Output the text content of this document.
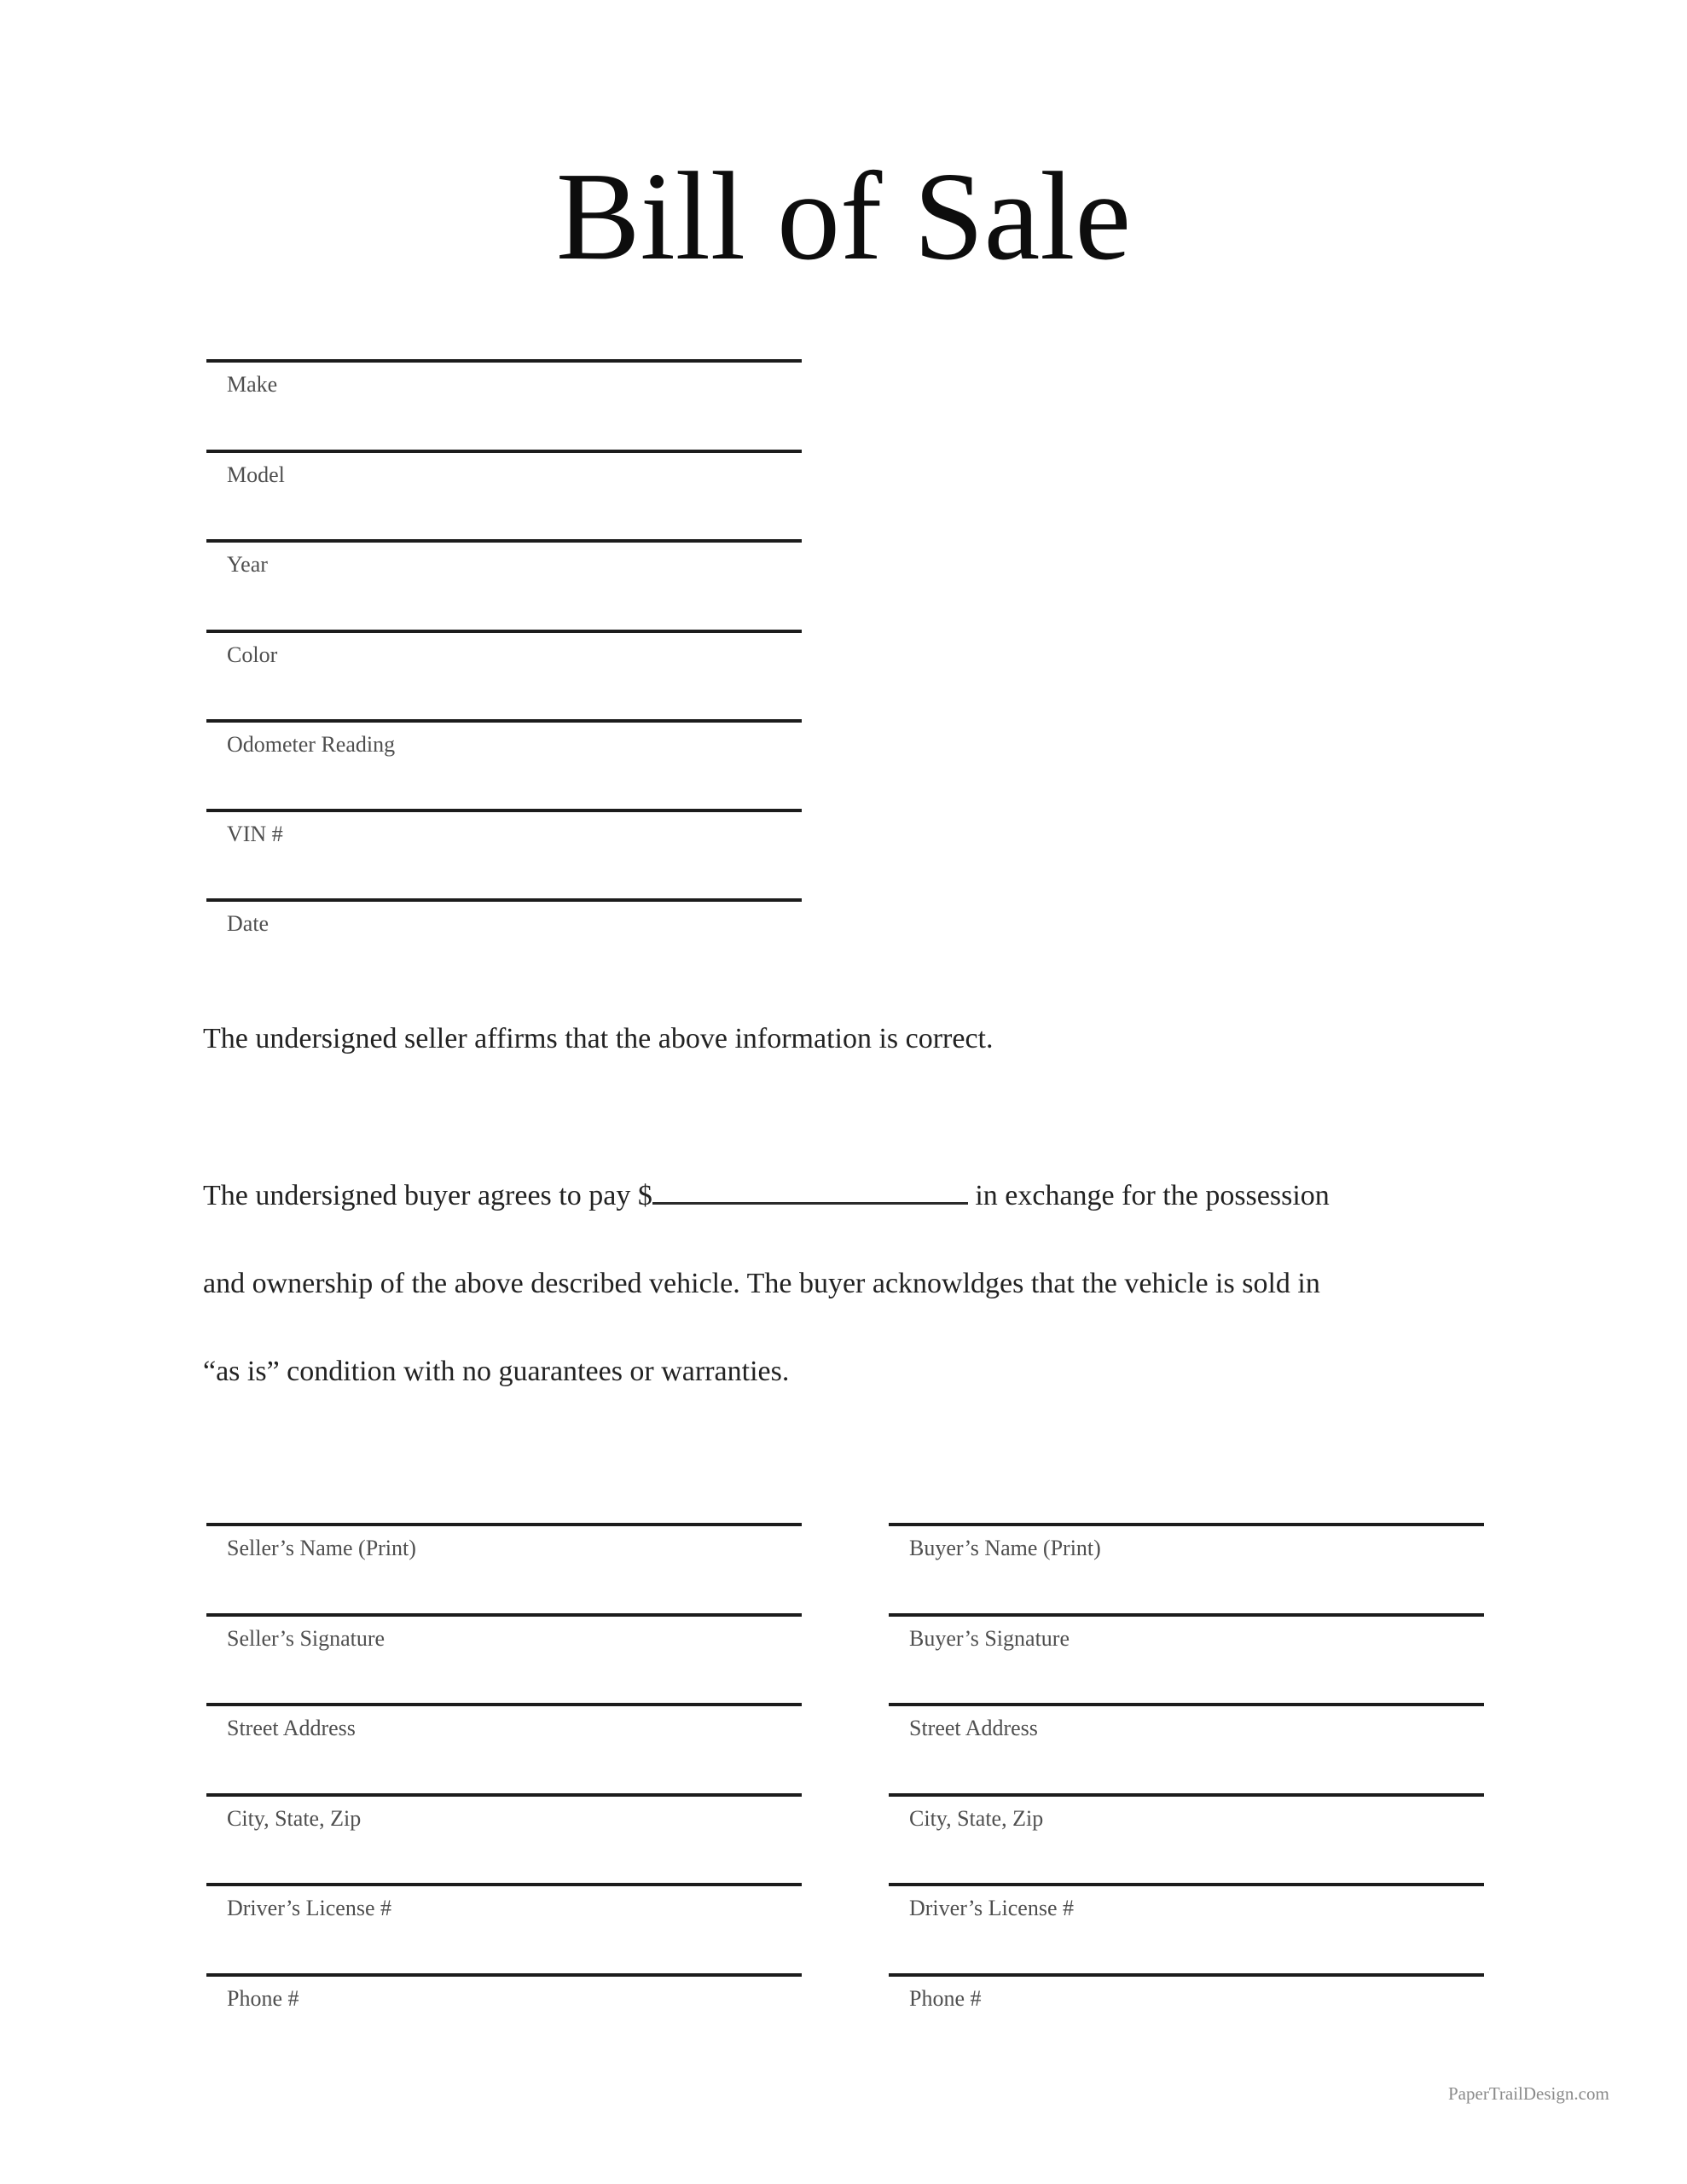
Bill of Sale
Make
Model
Year
Color
Odometer Reading
VIN #
Date

The undersigned seller affirms that the above information is correct.

The undersigned buyer agrees to pay $	in exchange for the possession
and ownership of the above described vehicle. The buyer acknowldges that the vehicle is sold in
“as is” condition with no guarantees or warranties.
Seller’s Name (Print)
Seller’s Signature
Street Address
City, State, Zip
Driver’s License #
Phone #
Buyer’s Name (Print)
Buyer’s Signature
Street Address
City, State, Zip
Driver’s License #
Phone #
PaperTrailDesign.com
